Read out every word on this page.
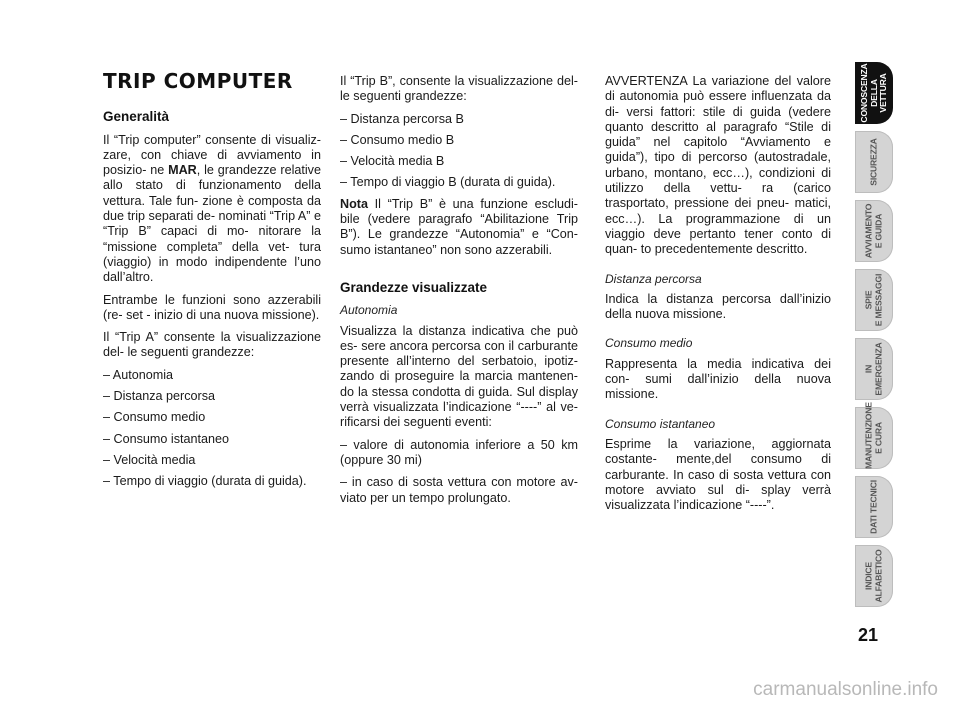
TRIP COMPUTER
Generalità

Il “Trip computer” consente di visualiz- zare, con chiave di avviamento in posizio- ne MAR, le grandezze relative allo stato di funzionamento della vettura. Tale fun- zione è composta da due trip separati de- nominati “Trip A” e “Trip B” capaci di mo- nitorare la “missione completa” della vet- tura (viaggio) in modo indipendente l’uno dall’altro.

Entrambe le funzioni sono azzerabili (re- set - inizio di una nuova missione).

Il “Trip A” consente la visualizzazione del- le seguenti grandezze:

– Autonomia

– Distanza percorsa

– Consumo medio

– Consumo istantaneo

– Velocità media

– Tempo di viaggio (durata di guida).

Il “Trip B”, consente la visualizzazione del- le seguenti grandezze:

– Distanza percorsa B

– Consumo medio B

– Velocità media B

– Tempo di viaggio B (durata di guida).

Nota Il “Trip B” è una funzione escludi- bile (vedere paragrafo “Abilitazione Trip B”). Le grandezze “Autonomia” e “Con- sumo istantaneo” non sono azzerabili.

Grandezze visualizzate
Autonomia

Visualizza la distanza indicativa che può es- sere ancora percorsa con il carburante presente all’interno del serbatoio, ipotiz- zando di proseguire la marcia mantenen- do la stessa condotta di guida. Sul display verrà visualizzata l’indicazione “----” al ve- rificarsi dei seguenti eventi:

– valore di autonomia inferiore a 50 km (oppure 30 mi)

– in caso di sosta vettura con motore av- viato per un tempo prolungato.

AVVERTENZA La variazione del valore di autonomia può essere influenzata da di- versi fattori: stile di guida (vedere quanto descritto al paragrafo “Stile di guida” nel capitolo “Avviamento e guida”), tipo di percorso (autostradale, urbano, montano, ecc…), condizioni di utilizzo della vettu- ra (carico trasportato, pressione dei pneu- matici, ecc…). La programmazione di un viaggio deve pertanto tener conto di quan- to precedentemente descritto.

Distanza percorsa

Indica la distanza percorsa dall’inizio della nuova missione.

Consumo medio

Rappresenta la media indicativa dei con- sumi dall’inizio della nuova missione.

Consumo istantaneo

Esprime la variazione, aggiornata costante- mente,del consumo di carburante. In caso di sosta vettura con motore avviato sul di- splay verrà visualizzata l’indicazione “----”.

CONOSCENZA
DELLA VETTURA
SICUREZZA
AVVIAMENTO
E GUIDA
SPIE
E MESSAGGI
IN EMERGENZA
MANUTENZIONE
E CURA
DATI TECNICI
INDICE
ALFABETICO
21
carmanualsonline.info
